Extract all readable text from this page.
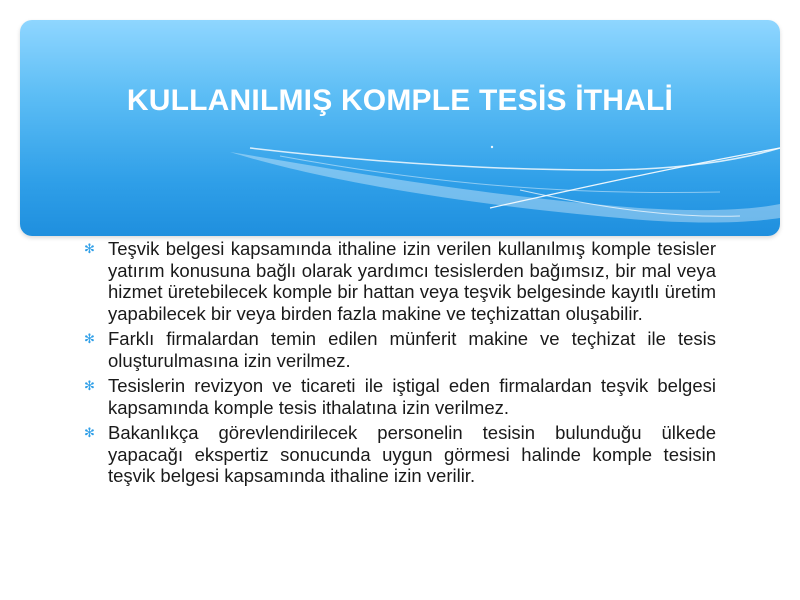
KULLANILMIŞ KOMPLE TESİS İTHALİ
✻ Teşvik belgesi kapsamında ithaline izin verilen kullanılmış komple tesisler yatırım konusuna bağlı olarak yardımcı tesislerden bağımsız, bir mal veya hizmet üretebilecek komple bir hattan veya teşvik belgesinde kayıtlı üretim yapabilecek bir veya birden fazla makine ve teçhizattan oluşabilir.
✻ Farklı firmalardan temin edilen münferit makine ve teçhizat ile tesis oluşturulmasına izin verilmez.
✻ Tesislerin revizyon ve ticareti ile iştigal eden firmalardan teşvik belgesi kapsamında komple tesis ithalatına izin verilmez.
✻ Bakanlıkça görevlendirilecek personelin tesisin bulunduğu ülkede yapacağı ekspertiz sonucunda uygun görmesi halinde komple tesisin teşvik belgesi kapsamında ithaline izin verilir.
